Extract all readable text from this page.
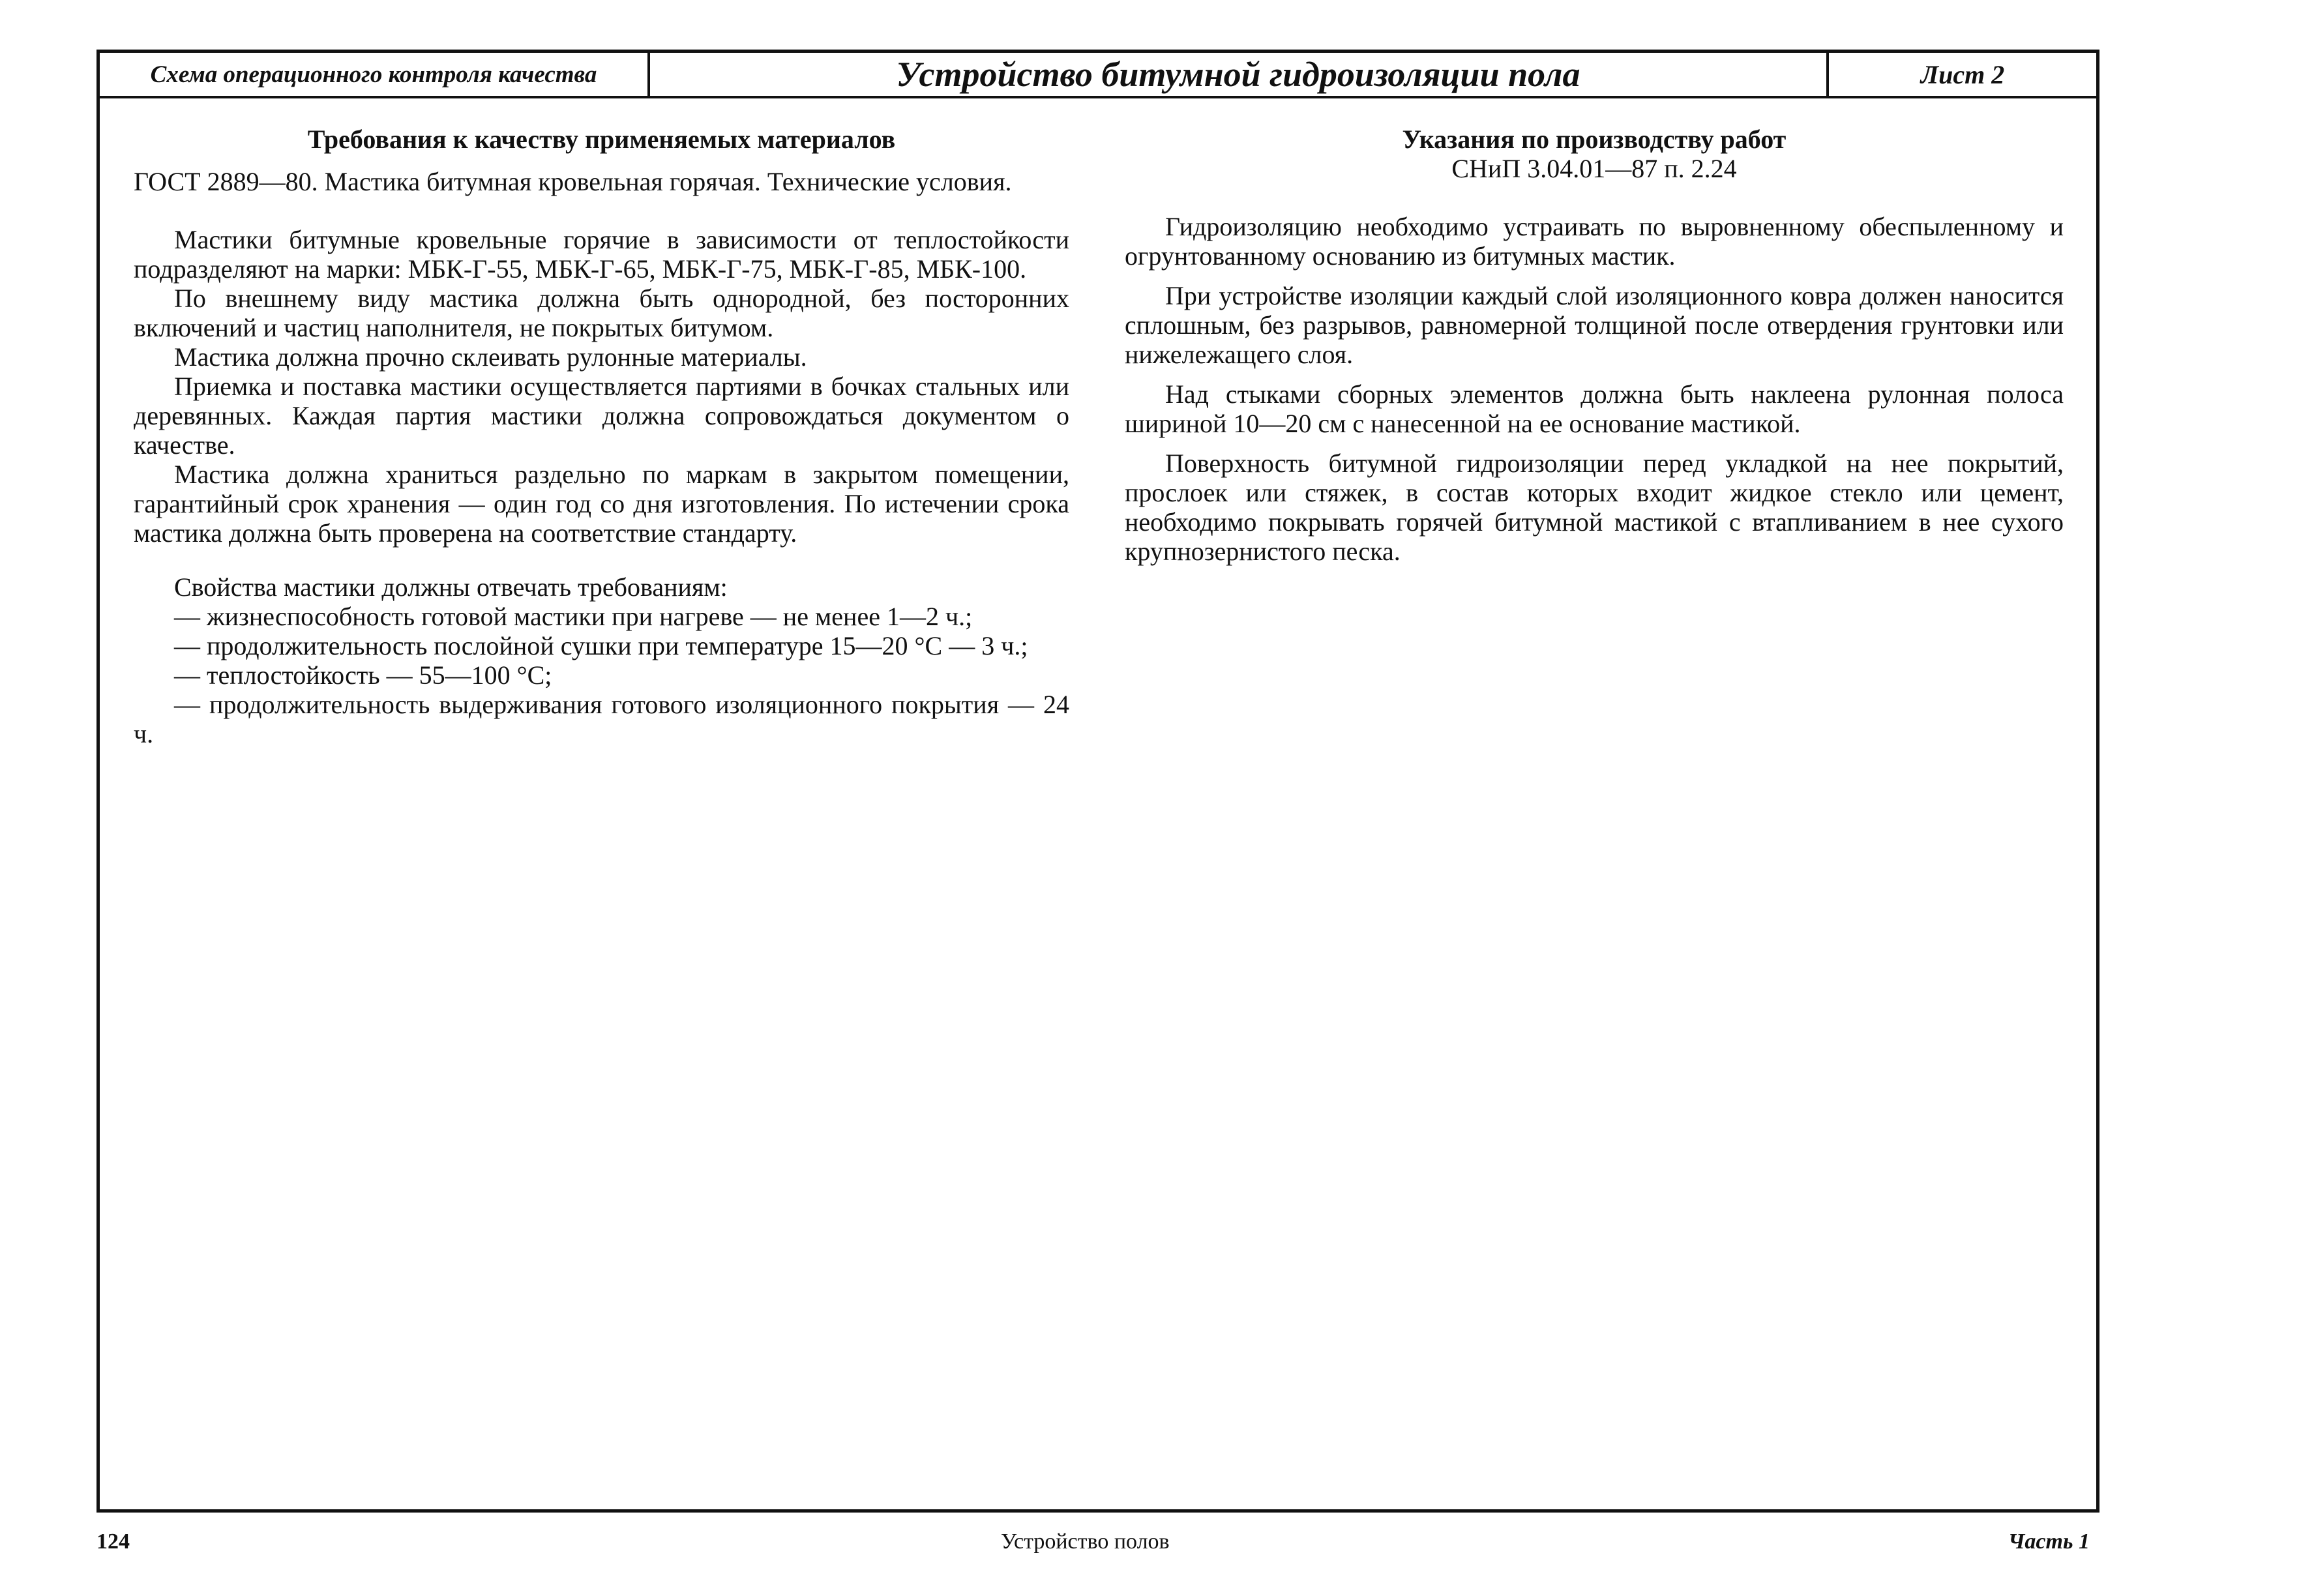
Схема операционного контроля качества	Устройство битумной гидроизоляции пола	Лист 2
Требования к качеству применяемых материалов

ГОСТ 2889—80. Мастика битумная кровельная горячая. Технические условия.

Мастики битумные кровельные горячие в зависимости от теплостойкости подразделяют на марки: МБК-Г-55, МБК-Г-65, МБК-Г-75, МБК-Г-85, МБК-100.

По внешнему виду мастика должна быть однородной, без посторонних включений и частиц наполнителя, не покрытых битумом.

Мастика должна прочно склеивать рулонные материалы.

Приемка и поставка мастики осуществляется партиями в бочках стальных или деревянных. Каждая партия мастики должна сопровождаться документом о качестве.

Мастика должна храниться раздельно по маркам в закрытом помещении, гарантийный срок хранения — один год со дня изготовления. По истечении срока мастика должна быть проверена на соответствие стандарту.

Свойства мастики должны отвечать требованиям:

— жизнеспособность готовой мастики при нагреве — не менее 1—2 ч.;

— продолжительность послойной сушки при температуре 15—20 °С — 3 ч.;

— теплостойкость — 55—100 °С;

— продолжительность выдерживания готового изоляционного покрытия — 24 ч.

Указания по производству работ

СНиП 3.04.01—87 п. 2.24

Гидроизоляцию необходимо устраивать по выровненному обеспыленному и огрунтованному основанию из битумных мастик.

При устройстве изоляции каждый слой изоляционного ковра должен наносится сплошным, без разрывов, равномерной толщиной после отвердения грунтовки или нижележащего слоя.

Над стыками сборных элементов должна быть наклеена рулонная полоса шириной 10—20 см с нанесенной на ее основание мастикой.

Поверхность битумной гидроизоляции перед укладкой на нее покрытий, прослоек или стяжек, в состав которых входит жидкое стекло или цемент, необходимо покрывать горячей битумной мастикой с втапливанием в нее сухого крупнозернистого песка.

124	Устройство полов	Часть 1
